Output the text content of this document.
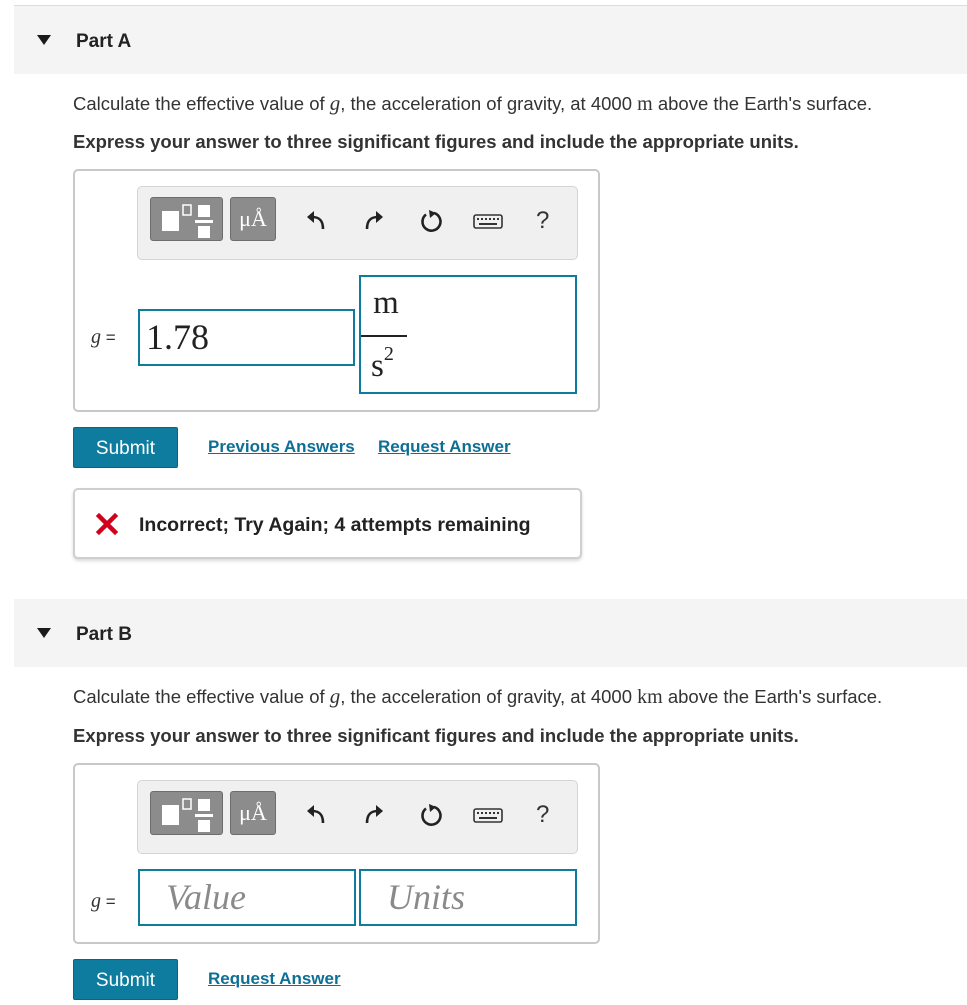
Part A
Calculate the effective value of g, the acceleration of gravity, at 4000 m above the Earth's surface.
Express your answer to three significant figures and include the appropriate units.
μÅ	?
g = 1.78
m
$s^2$
Submit	Previous Answers Request Answer
Incorrect; Try Again; 4 attempts remaining
Part B
Calculate the effective value of g, the acceleration of gravity, at 4000 km above the Earth's surface.
Express your answer to three significant figures and include the appropriate units.
μÅ	?
g =	Value	Units
Submit	Request Answer
